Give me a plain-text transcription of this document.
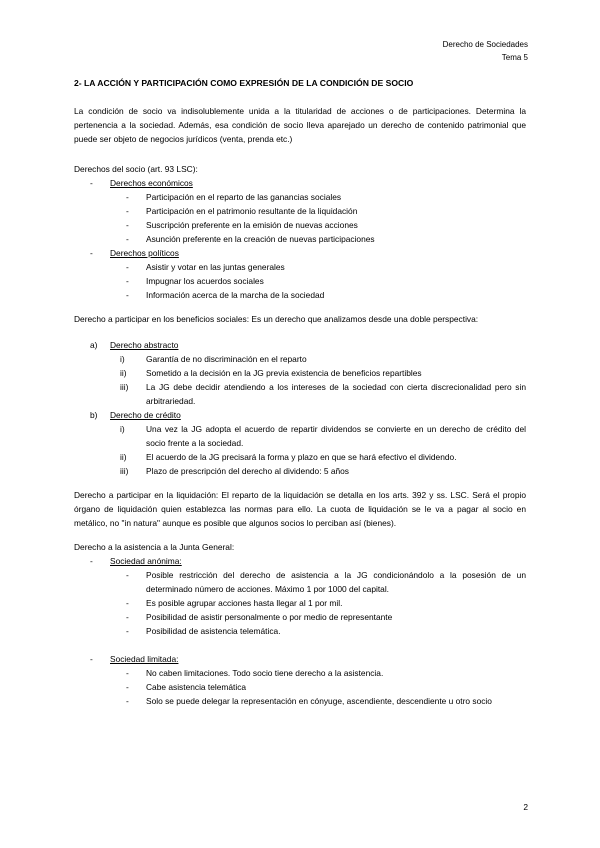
Derecho de Sociedades
Tema 5
2- LA ACCIÓN Y PARTICIPACIÓN COMO EXPRESIÓN DE LA CONDICIÓN DE SOCIO

La condición de socio va indisolublemente unida a la titularidad de acciones o de participaciones. Determina la pertenencia a la sociedad. Además, esa condición de socio lleva aparejado un derecho de contenido patrimonial que puede ser objeto de negocios jurídicos (venta, prenda etc.)

Derechos del socio (art. 93 LSC):

-	Derechos económicos
-	Participación en el reparto de las ganancias sociales
-	Participación en el patrimonio resultante de la liquidación
-	Suscripción preferente en la emisión de nuevas acciones
-	Asunción preferente en la creación de nuevas participaciones
-	Derechos políticos
-	Asistir y votar en las juntas generales
-	Impugnar los acuerdos sociales
-	Información acerca de la marcha de la sociedad

Derecho a participar en los beneficios sociales: Es un derecho que analizamos desde una doble perspectiva:

a)	Derecho abstracto
i)	Garantía de no discriminación en el reparto
ii)	Sometido a la decisión en la JG previa existencia de beneficios repartibles
iii)	La JG debe decidir atendiendo a los intereses de la sociedad con cierta discrecionalidad pero sin arbitrariedad.
b)	Derecho de crédito
i)	Una vez la JG adopta el acuerdo de repartir dividendos se convierte en un derecho de crédito del socio frente a la sociedad.
ii)	El acuerdo de la JG precisará la forma y plazo en que se hará efectivo el dividendo.
iii)	Plazo de prescripción del derecho al dividendo: 5 años

Derecho a participar en la liquidación: El reparto de la liquidación se detalla en los arts. 392 y ss. LSC. Será el propio órgano de liquidación quien establezca las normas para ello. La cuota de liquidación se le va a pagar al socio en metálico, no "in natura" aunque es posible que algunos socios lo perciban así (bienes).

Derecho a la asistencia a la Junta General:

-	Sociedad anónima:
-	Posible restricción del derecho de asistencia a la JG condicionándolo a la posesión de un determinado número de acciones. Máximo 1 por 1000 del capital.
-	Es posible agrupar acciones hasta llegar al 1 por mil.
-	Posibilidad de asistir personalmente o por medio de representante
-	Posibilidad de asistencia telemática.
-	Sociedad limitada:
-	No caben limitaciones. Todo socio tiene derecho a la asistencia.
-	Cabe asistencia telemática
-	Solo se puede delegar la representación en cónyuge, ascendiente, descendiente u otro socio
2
